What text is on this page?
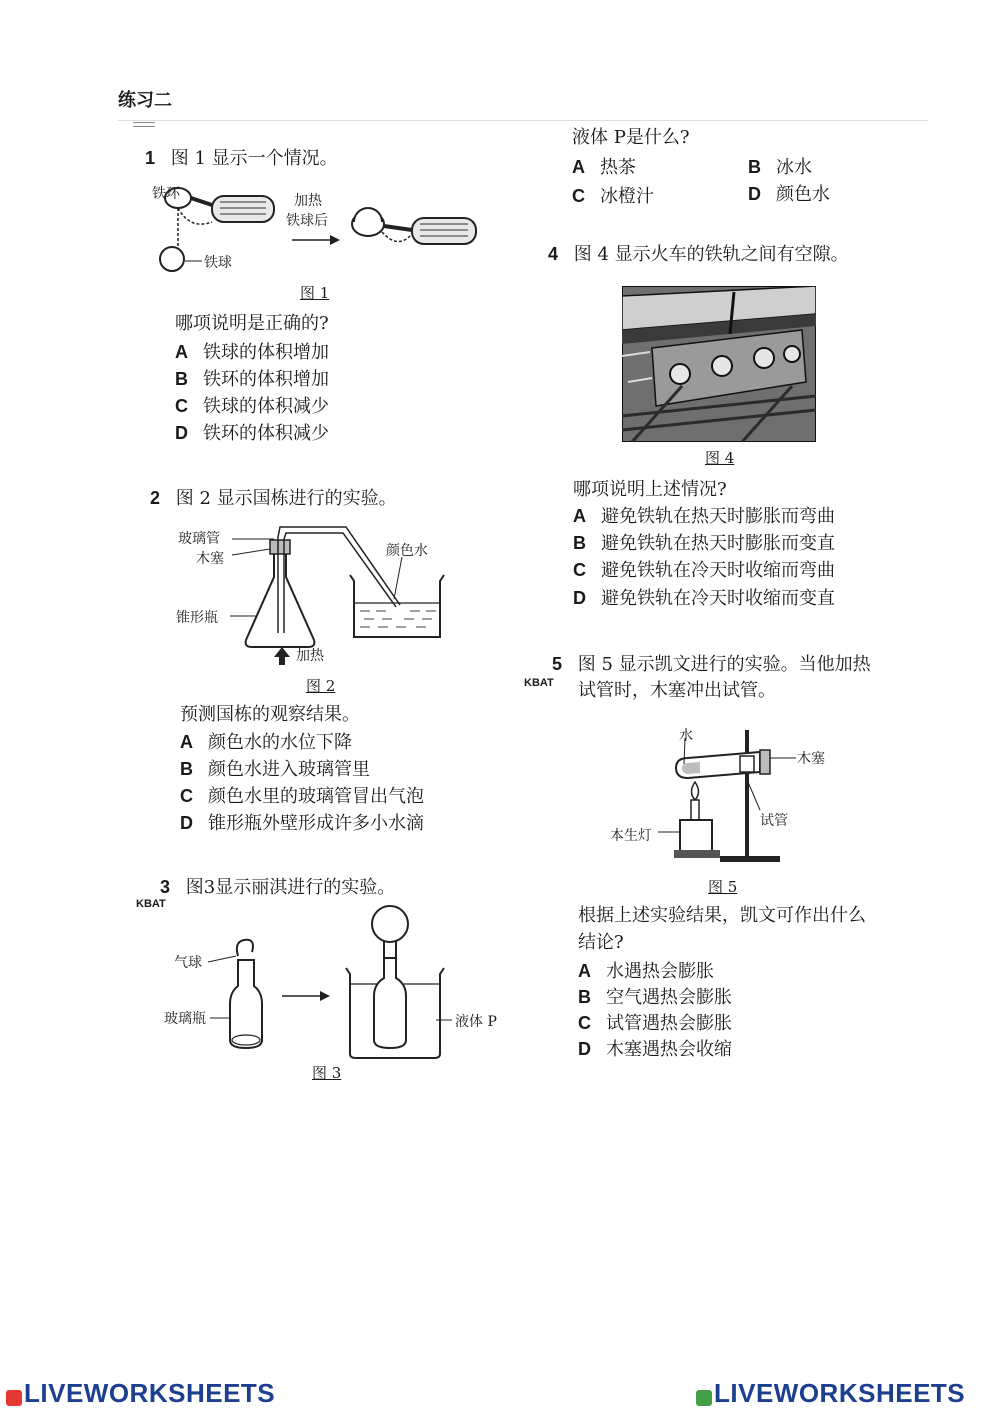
练习二
1 图 1 显示一个情况。
铁环	加热
铁球后
铁球
图 1
哪项说明是正确的?
A 铁球的体积增加
B 铁环的体积增加
C 铁球的体积减少
D 铁环的体积减少
2 图 2 显示国栋进行的实验。
玻璃管
木塞
锥形瓶
颜色水
加热
图 2
预测国栋的观察结果。
A 颜色水的水位下降
B 颜色水进入玻璃管里
C 颜色水里的玻璃管冒出气泡
D 锥形瓶外壁形成许多小水滴
3 图3显示丽淇进行的实验。
KBAT
气球
玻璃瓶	液体 P
图 3
液体 P是什么?
A 热茶	B 冰水
C 冰橙汁	D 颜色水
4 图 4 显示火车的铁轨之间有空隙。
图 4
哪项说明上述情况?
A 避免铁轨在热天时膨胀而弯曲
B 避免铁轨在热天时膨胀而变直
C 避免铁轨在冷天时收缩而弯曲
D 避免铁轨在冷天时收缩而变直
5 图 5 显示凯文进行的实验。当他加热
KBAT 试管时，木塞冲出试管。
水
木塞
试管
本生灯
图 5
根据上述实验结果，凯文可作出什么
结论?
A 水遇热会膨胀
B 空气遇热会膨胀
C 试管遇热会膨胀
D 木塞遇热会收缩
LIVEWORKSHEETS	LIVEWORKSHEETS
